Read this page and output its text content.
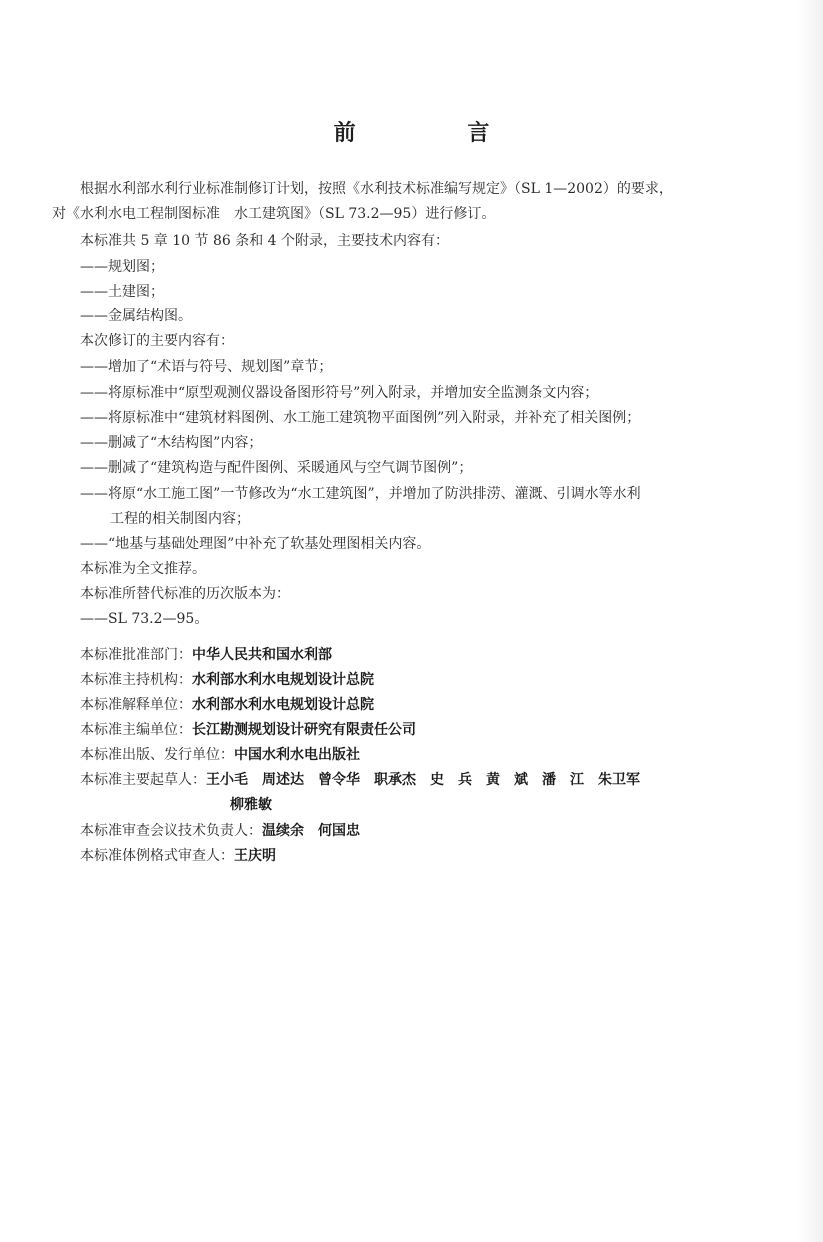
前 言
根据水利部水利行业标准制修订计划，按照《水利技术标准编写规定》（SL 1—2002）的要求，
对《水利水电工程制图标准　水工建筑图》（SL 73.2—95）进行修订。
本标准共 5 章 10 节 86 条和 4 个附录，主要技术内容有：
——规划图；
——土建图；
——金属结构图。
本次修订的主要内容有：
——增加了“术语与符号、规划图”章节；
——将原标准中“原型观测仪器设备图形符号”列入附录，并增加安全监测条文内容；
——将原标准中“建筑材料图例、水工施工建筑物平面图例”列入附录，并补充了相关图例；
——删减了“木结构图”内容；
——删减了“建筑构造与配件图例、采暖通风与空气调节图例”；
——将原“水工施工图”一节修改为“水工建筑图”，并增加了防洪排涝、灌溉、引调水等水利
工程的相关制图内容；
——“地基与基础处理图”中补充了软基处理图相关内容。
本标准为全文推荐。
本标准所替代标准的历次版本为：
——SL 73.2—95。
本标准批准部门：中华人民共和国水利部
本标准主持机构：水利部水利水电规划设计总院
本标准解释单位：水利部水利水电规划设计总院
本标准主编单位：长江勘测规划设计研究有限责任公司
本标准出版、发行单位：中国水利水电出版社
本标准主要起草人：王小毛　周述达　曾令华　职承杰　史　兵　黄　斌　潘　江　朱卫军
柳雅敏
本标准审查会议技术负责人：温续余　何国忠
本标准体例格式审查人：王庆明
